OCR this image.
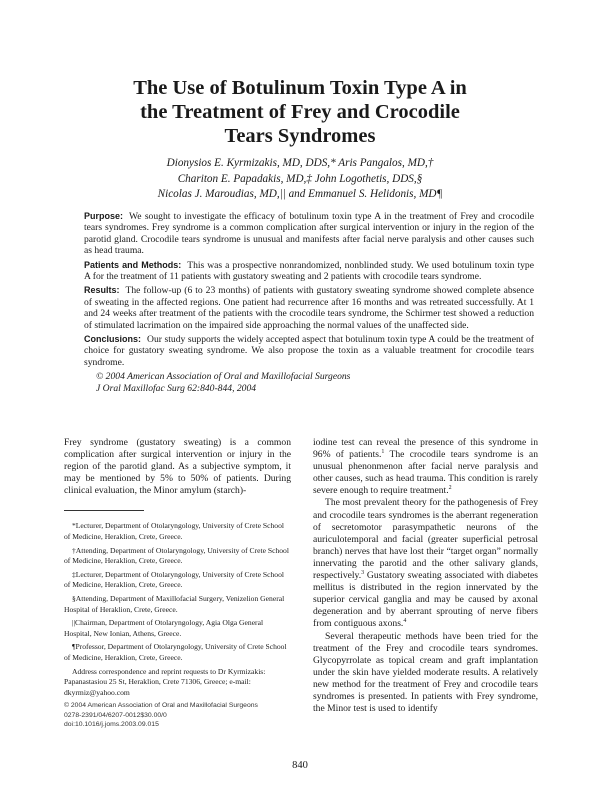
The Use of Botulinum Toxin Type A in
the Treatment of Frey and Crocodile
Tears Syndromes
Dionysios E. Kyrmizakis, MD, DDS,* Aris Pangalos, MD,†
Chariton E. Papadakis, MD,‡ John Logothetis, DDS,§
Nicolas J. Maroudias, MD,|| and Emmanuel S. Helidonis, MD¶

Purpose: We sought to investigate the efficacy of botulinum toxin type A in the treatment of Frey and crocodile tears syndromes. Frey syndrome is a common complication after surgical intervention or injury in the region of the parotid gland. Crocodile tears syndrome is unusual and manifests after facial nerve paralysis and other causes such as head trauma.

Patients and Methods: This was a prospective nonrandomized, nonblinded study. We used botulinum toxin type A for the treatment of 11 patients with gustatory sweating and 2 patients with crocodile tears syndrome.

Results: The follow-up (6 to 23 months) of patients with gustatory sweating syndrome showed complete absence of sweating in the affected regions. One patient had recurrence after 16 months and was retreated successfully. At 1 and 24 weeks after treatment of the patients with the crocodile tears syndrome, the Schirmer test showed a reduction of stimulated lacrimation on the impaired side approaching the normal values of the unaffected side.

Conclusions: Our study supports the widely accepted aspect that botulinum toxin type A could be the treatment of choice for gustatory sweating syndrome. We also propose the toxin as a valuable treatment for crocodile tears syndrome.

© 2004 American Association of Oral and Maxillofacial Surgeons

J Oral Maxillofac Surg 62:840-844, 2004

Frey syndrome (gustatory sweating) is a common complication after surgical intervention or injury in the region of the parotid gland. As a subjective symptom, it may be mentioned by 5% to 50% of patients. During clinical evaluation, the Minor amylum (starch)-

*Lecturer, Department of Otolaryngology, University of Crete School of Medicine, Heraklion, Crete, Greece.

†Attending, Department of Otolaryngology, University of Crete School of Medicine, Heraklion, Crete, Greece.

‡Lecturer, Department of Otolaryngology, University of Crete School of Medicine, Heraklion, Crete, Greece.

§Attending, Department of Maxillofacial Surgery, Venizelion General Hospital of Heraklion, Crete, Greece.

||Chairman, Department of Otolaryngology, Agia Olga General Hospital, New Ionian, Athens, Greece.

¶Professor, Department of Otolaryngology, University of Crete School of Medicine, Heraklion, Crete, Greece.

Address correspondence and reprint requests to Dr Kyrmizakis: Papanastasiou 25 St, Heraklion, Crete 71306, Greece; e-mail: dkyrmiz@yahoo.com

© 2004 American Association of Oral and Maxillofacial Surgeons
0278-2391/04/6207-0012$30.00/0
doi:10.1016/j.joms.2003.09.015

iodine test can reveal the presence of this syndrome in 96% of patients.$^1$ The crocodile tears syndrome is an unusual phenonmenon after facial nerve paralysis and other causes, such as head trauma. This condition is rarely severe enough to require treatment.$^2$

The most prevalent theory for the pathogenesis of Frey and crocodile tears syndromes is the aberrant regeneration of secretomotor parasympathetic neurons of the auriculotemporal and facial (greater superficial petrosal branch) nerves that have lost their “target organ” normally innervating the parotid and the other salivary glands, respectively.$^3$ Gustatory sweating associated with diabetes mellitus is distributed in the region innervated by the superior cervical ganglia and may be caused by axonal degeneration and by aberrant sprouting of nerve fibers from contiguous axons.$^4$

Several therapeutic methods have been tried for the treatment of the Frey and crocodile tears syndromes. Glycopyrrolate as topical cream and graft implantation under the skin have yielded moderate results. A relatively new method for the treatment of Frey and crocodile tears syndromes is presented. In patients with Frey syndrome, the Minor test is used to identify

840
